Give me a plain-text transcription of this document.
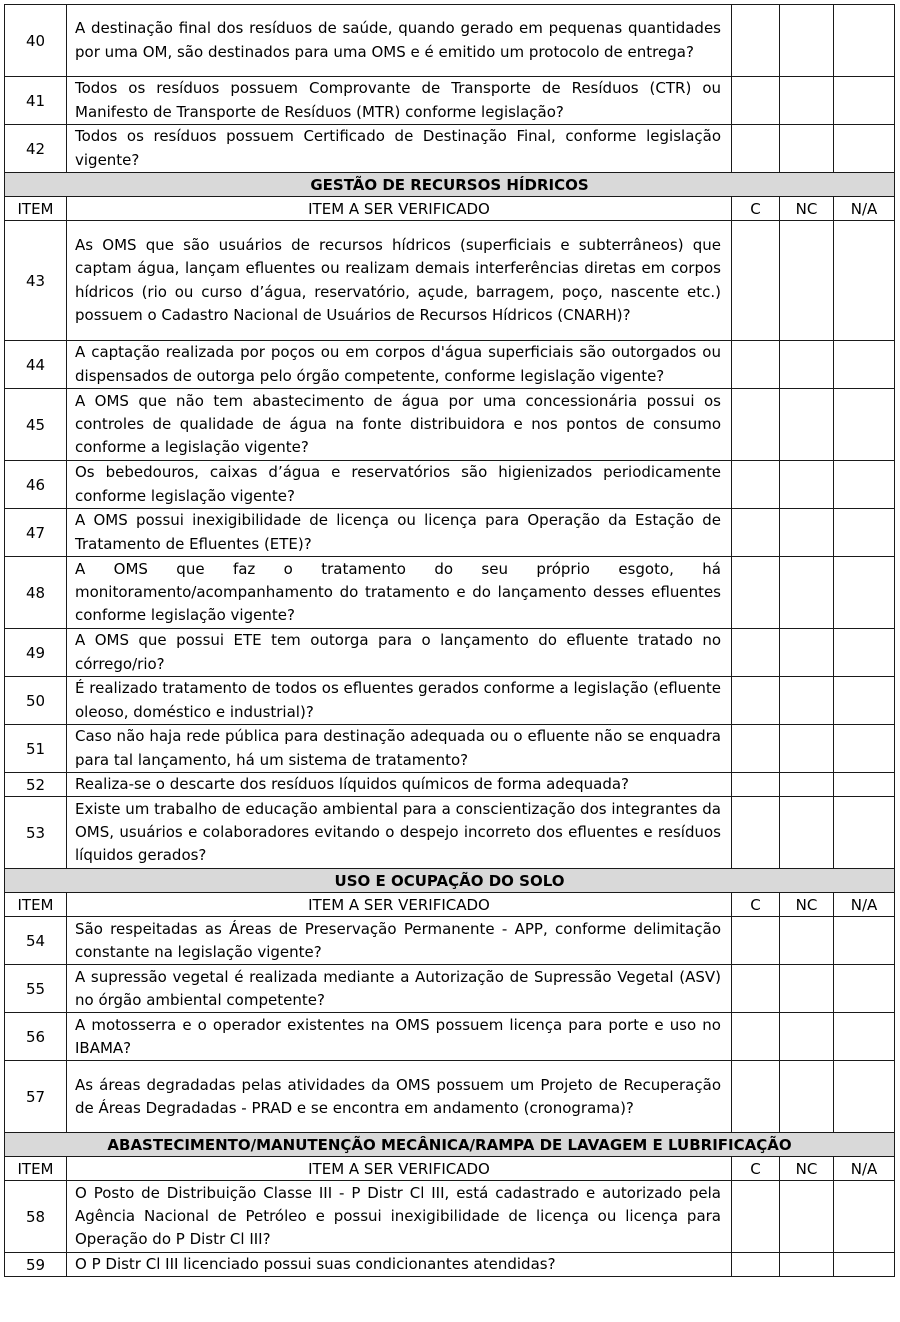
40	A destinação final dos resíduos de saúde, quando gerado em pequenas quantidades por uma OM, são destinados para uma OMS e é emitido um protocolo de entrega?			
41	Todos os resíduos possuem Comprovante de Transporte de Resíduos (CTR) ou Manifesto de Transporte de Resíduos (MTR) conforme legislação?			
42	Todos os resíduos possuem Certificado de Destinação Final, conforme legislação vigente?			
GESTÃO DE RECURSOS HÍDRICOS				
ITEM	ITEM A SER VERIFICADO	C	NC	N/A
43	As OMS que são usuários de recursos hídricos (superficiais e subterrâneos) que captam água, lançam efluentes ou realizam demais interferências diretas em corpos hídricos (rio ou curso d’água, reservatório, açude, barragem, poço, nascente etc.) possuem o Cadastro Nacional de Usuários de Recursos Hídricos (CNARH)?			
44	A captação realizada por poços ou em corpos d'água superficiais são outorgados ou dispensados de outorga pelo órgão competente, conforme legislação vigente?			
45	A OMS que não tem abastecimento de água por uma concessionária possui os controles de qualidade de água na fonte distribuidora e nos pontos de consumo conforme a legislação vigente?			
46	Os bebedouros, caixas d’água e reservatórios são higienizados periodicamente conforme legislação vigente?			
47	A OMS possui inexigibilidade de licença ou licença para Operação da Estação de Tratamento de Efluentes (ETE)?			
48	A OMS que faz o tratamento do seu próprio esgoto, há monitoramento/acompanhamento do tratamento e do lançamento desses efluentes conforme legislação vigente?			
49	A OMS que possui ETE tem outorga para o lançamento do efluente tratado no córrego/rio?			
50	É realizado tratamento de todos os efluentes gerados conforme a legislação (efluente oleoso, doméstico e industrial)?			
51	Caso não haja rede pública para destinação adequada ou o efluente não se enquadra para tal lançamento, há um sistema de tratamento?			
52	Realiza-se o descarte dos resíduos líquidos químicos de forma adequada?			
53	Existe um trabalho de educação ambiental para a conscientização dos integrantes da OMS, usuários e colaboradores evitando o despejo incorreto dos efluentes e resíduos líquidos gerados?			
USO E OCUPAÇÃO DO SOLO				
ITEM	ITEM A SER VERIFICADO	C	NC	N/A
54	São respeitadas as Áreas de Preservação Permanente - APP, conforme delimitação constante na legislação vigente?			
55	A supressão vegetal é realizada mediante a Autorização de Supressão Vegetal (ASV) no órgão ambiental competente?			
56	A motosserra e o operador existentes na OMS possuem licença para porte e uso no IBAMA?			
57	As áreas degradadas pelas atividades da OMS possuem um Projeto de Recuperação de Áreas Degradadas - PRAD e se encontra em andamento (cronograma)?			
ABASTECIMENTO/MANUTENÇÃO MECÂNICA/RAMPA DE LAVAGEM E LUBRIFICAÇÃO				
ITEM	ITEM A SER VERIFICADO	C	NC	N/A
58	O Posto de Distribuição Classe III - P Distr Cl III, está cadastrado e autorizado pela Agência Nacional de Petróleo e possui inexigibilidade de licença ou licença para Operação do P Distr Cl III?			
59	O P Distr Cl III licenciado possui suas condicionantes atendidas?			
